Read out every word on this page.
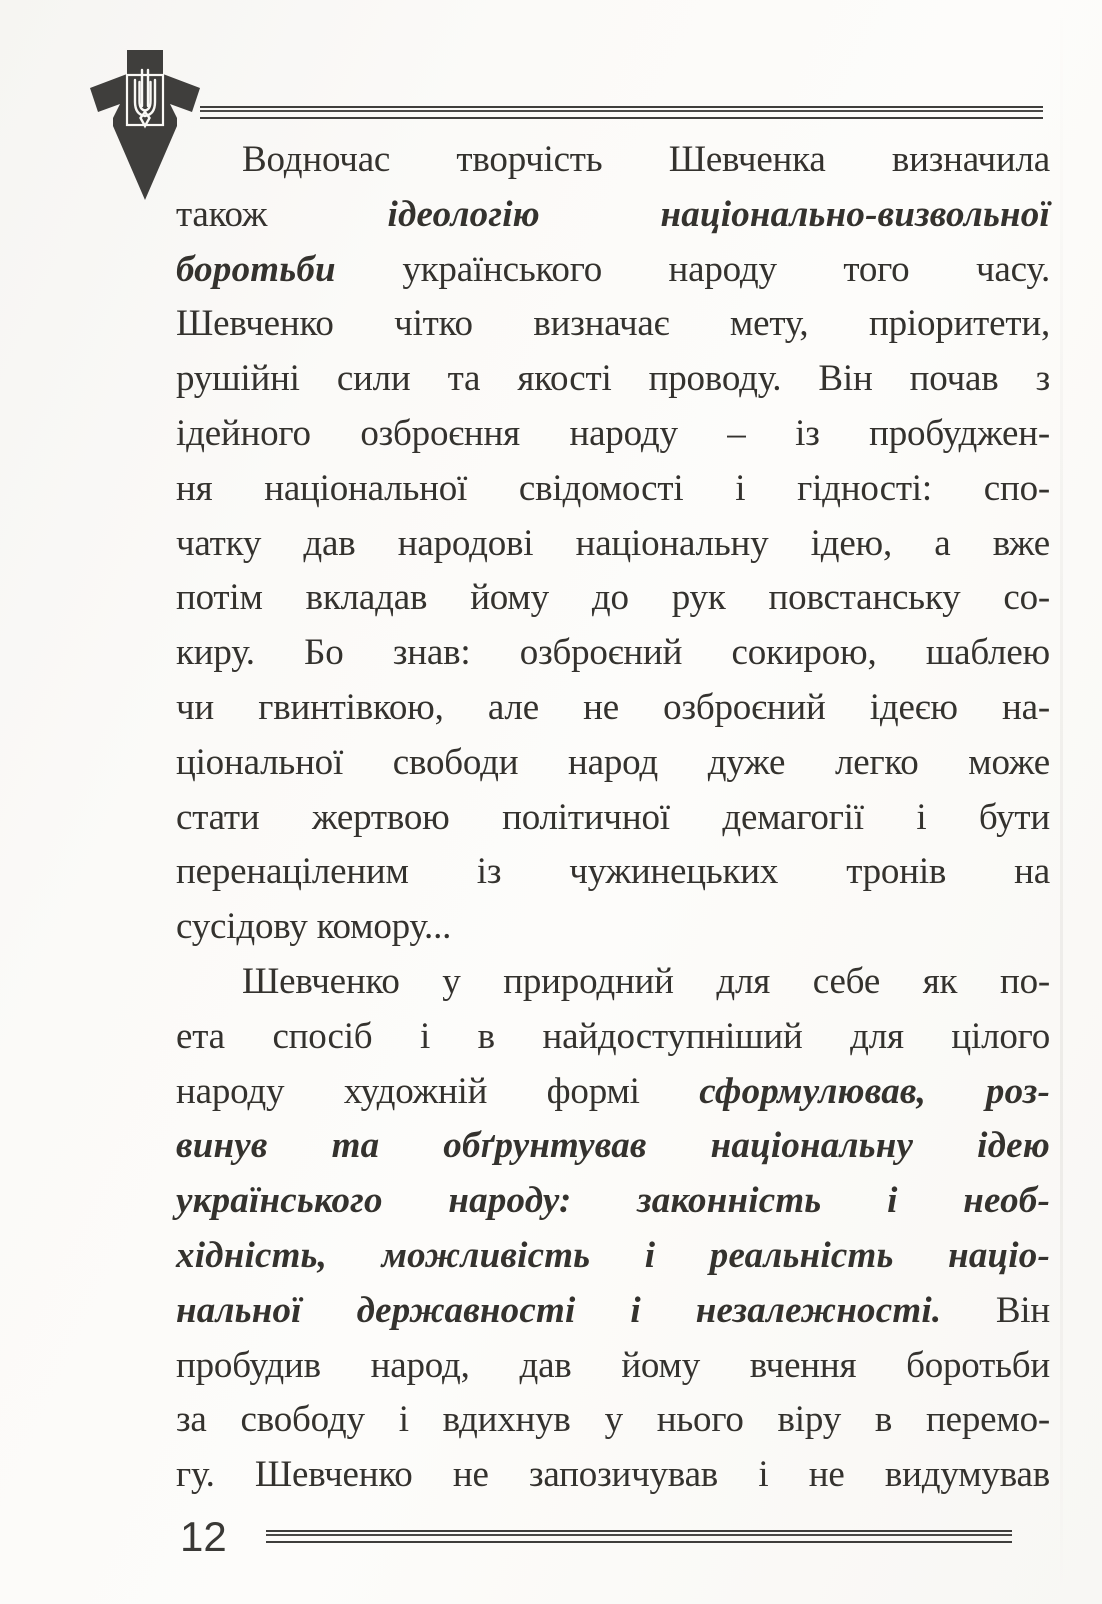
Водночас творчість Шевченка визначила
також ідеологію національно-визвольної
боротьби українського народу того часу.
Шевченко чітко визначає мету, пріоритети,
рушійні сили та якості проводу. Він почав з
ідейного озброєння народу – із пробуджен-
ня національної свідомості і гідності: спо-
чатку дав народові національну ідею, а вже
потім вкладав йому до рук повстанську со-
киру. Бо знав: озброєний сокирою, шаблею
чи гвинтівкою, але не озброєний ідеєю на-
ціональної свободи народ дуже легко може
стати жертвою політичної демагогії і бути
перенаціленим із чужинецьких тронів на
сусідову комору...
Шевченко у природний для себе як по-
ета спосіб і в найдоступніший для цілого
народу художній формі сформулював, роз-
винув та обґрунтував національну ідею
українського народу: законність і необ-
хідність, можливість і реальність націо-
нальної державності і незалежності. Він
пробудив народ, дав йому вчення боротьби
за свободу і вдихнув у нього віру в перемо-
гу. Шевченко не запозичував і не видумував
12
